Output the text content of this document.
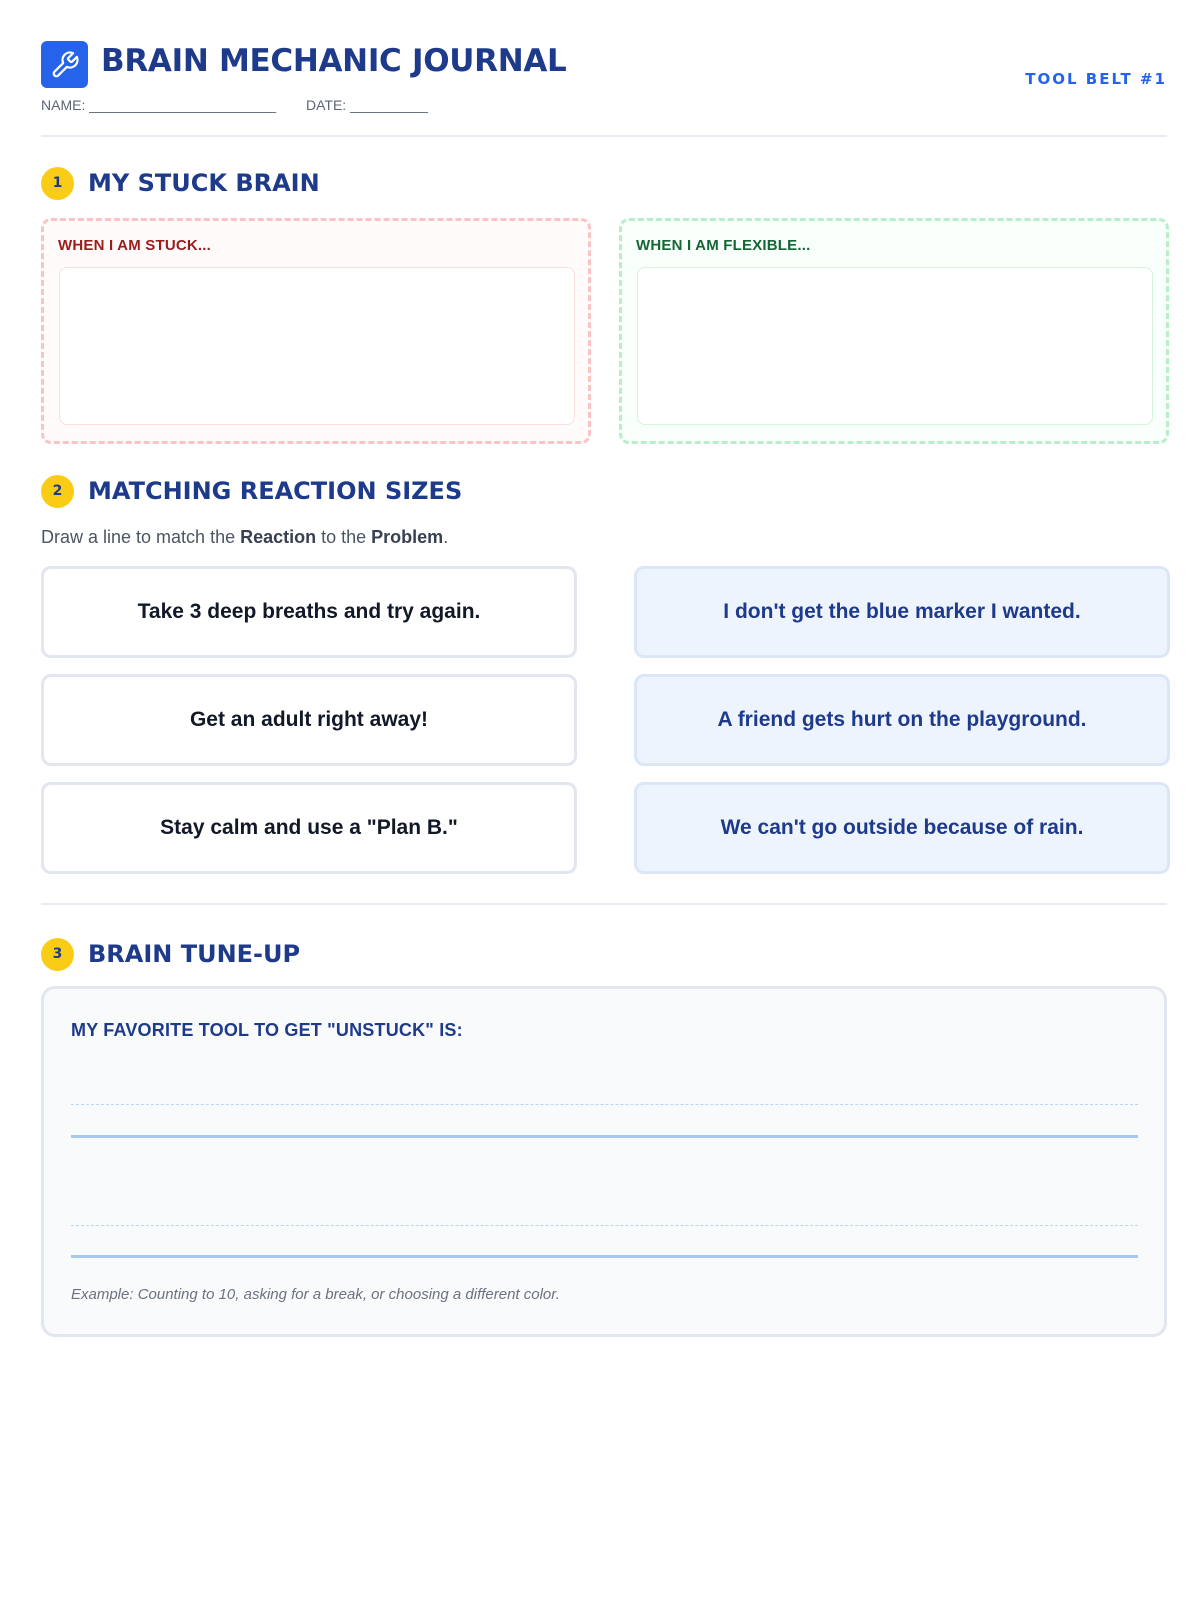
BRAIN MECHANIC JOURNAL
NAME: ________________________ DATE: __________
TOOL BELT #1
1	MY STUCK BRAIN
WHEN I AM STUCK...	WHEN I AM FLEXIBLE...
2	MATCHING REACTION SIZES
Draw a line to match the Reaction to the Problem.
Take 3 deep breaths and try again.
Get an adult right away!
Stay calm and use a "Plan B."
I don't get the blue marker I wanted.
A friend gets hurt on the playground.
We can't go outside because of rain.
3	BRAIN TUNE-UP
MY FAVORITE TOOL TO GET "UNSTUCK" IS:
Example: Counting to 10, asking for a break, or choosing a different color.
